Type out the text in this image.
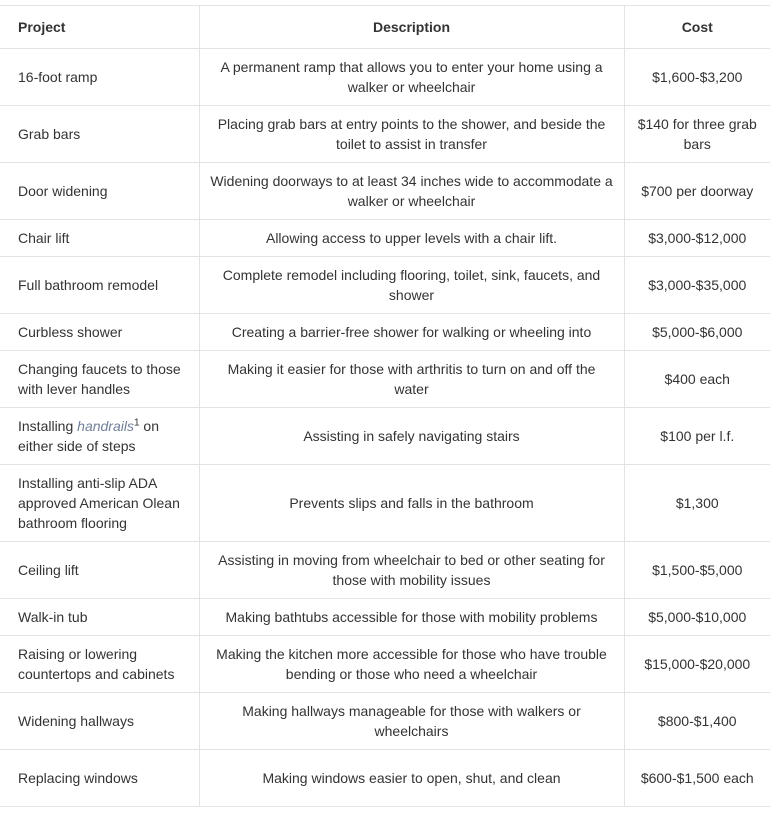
Project	Description	Cost
16-foot ramp	A permanent ramp that allows you to enter your home using a walker or wheelchair	$1,600-$3,200
Grab bars	Placing grab bars at entry points to the shower, and beside the toilet to assist in transfer	$140 for three grab bars
Door widening	Widening doorways to at least 34 inches wide to accommodate a walker or wheelchair	$700 per doorway
Chair lift	Allowing access to upper levels with a chair lift.	$3,000-$12,000
Full bathroom remodel	Complete remodel including flooring, toilet, sink, faucets, and shower	$3,000-$35,000
Curbless shower	Creating a barrier-free shower for walking or wheeling into	$5,000-$6,000
Changing faucets to those with lever handles	Making it easier for those with arthritis to turn on and off the water	$400 each
Installing handrails$^1$ on either side of steps	Assisting in safely navigating stairs	$100 per l.f.
Installing anti-slip ADA approved American Olean bathroom flooring	Prevents slips and falls in the bathroom	$1,300
Ceiling lift	Assisting in moving from wheelchair to bed or other seating for those with mobility issues	$1,500-$5,000
Walk-in tub	Making bathtubs accessible for those with mobility problems	$5,000-$10,000
Raising or lowering countertops and cabinets	Making the kitchen more accessible for those who have trouble bending or those who need a wheelchair	$15,000-$20,000
Widening hallways	Making hallways manageable for those with walkers or wheelchairs	$800-$1,400
Replacing windows	Making windows easier to open, shut, and clean	$600-$1,500 each
